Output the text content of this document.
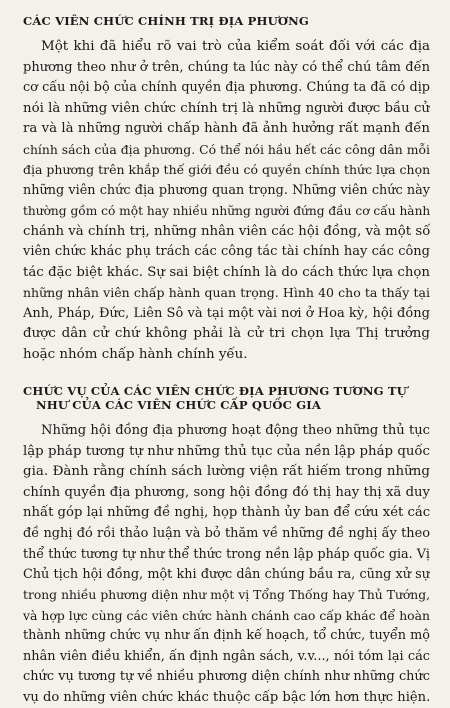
CÁC VIÊN CHỨC CHÍNH TRỊ ĐỊA PHƯƠNG

Một khi đã hiểu rõ vai trò của kiểm soát đối với các địa
phương theo như ở trên, chúng ta lúc này có thể chú tâm đến
cơ cấu nội bộ của chính quyền địa phương. Chúng ta đã có dịp
nói là những viên chức chính trị là những người được bầu cử
ra và là những người chấp hành đã ảnh hưởng rất mạnh đến
chính sách của địa phương. Có thể nói hầu hết các công dân mỗi
địa phương trên khắp thế giới đều có quyền chính thức lựa chọn
những viên chức địa phương quan trọng. Những viên chức này
thường gồm có một hay nhiều những người đứng đầu cơ cấu hành
chánh và chính trị, những nhân viên các hội đồng, và một số
viên chức khác phụ trách các công tác tài chính hay các công
tác đặc biệt khác. Sự sai biệt chính là do cách thức lựa chọn
những nhân viên chấp hành quan trọng. Hình 40 cho ta thấy tại
Anh, Pháp, Đức, Liên Sô và tại một vài nơi ở Hoa kỳ, hội đồng
được dân cử chứ không phải là cử tri chọn lựa Thị trưởng
hoặc nhóm chấp hành chính yếu.

CHỨC VỤ CỦA CÁC VIÊN CHỨC ĐỊA PHƯƠNG TƯƠNG TỰ
NHƯ CỦA CÁC VIÊN CHỨC CẤP QUỐC GIA

Những hội đồng địa phương hoạt động theo những thủ tục
lập pháp tương tự như những thủ tục của nền lập pháp quốc
gia. Đành rằng chính sách lường viện rất hiếm trong những
chính quyền địa phương, song hội đồng đó thị hay thị xã duy
nhất góp lại những đề nghị, họp thành ủy ban để cứu xét các
đề nghị đó rồi thảo luận và bỏ thăm về những đề nghị ấy theo
thể thức tương tự như thể thức trong nền lập pháp quốc gia. Vị
Chủ tịch hội đồng, một khi được dân chúng bầu ra, cũng xử sự
trong nhiều phương diện như một vị Tổng Thống hay Thủ Tướng,
và hợp lực cùng các viên chức hành chánh cao cấp khác để hoàn
thành những chức vụ như ấn định kế hoạch, tổ chức, tuyển mộ
nhân viên điều khiển, ấn định ngân sách, v.v..., nói tóm lại các
chức vụ tương tự về nhiều phương diện chính như những chức
vụ do những viên chức khác thuộc cấp bậc lớn hơn thực hiện.
